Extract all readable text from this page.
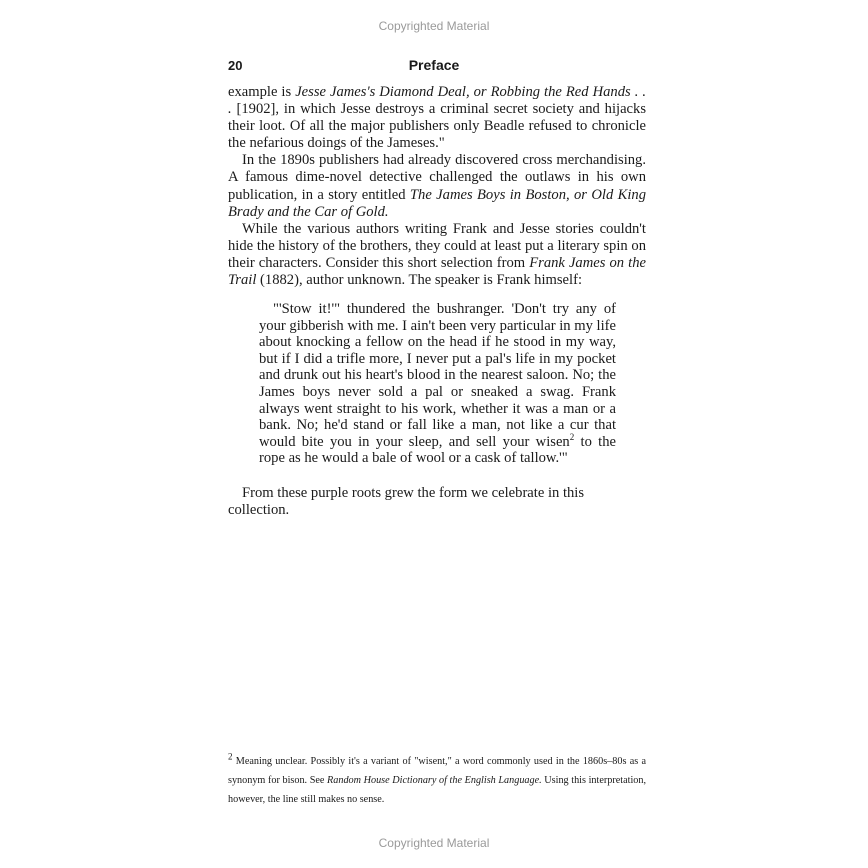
Copyrighted Material
20	Preface

example is Jesse James's Diamond Deal, or Robbing the Red Hands . . . [1902], in which Jesse destroys a criminal secret society and hijacks their loot. Of all the major publishers only Beadle refused to chronicle the nefarious doings of the Jameses."

In the 1890s publishers had already discovered cross merchandising. A famous dime-novel detective challenged the outlaws in his own publication, in a story entitled The James Boys in Boston, or Old King Brady and the Car of Gold.

While the various authors writing Frank and Jesse stories couldn't hide the history of the brothers, they could at least put a literary spin on their characters. Consider this short selection from Frank James on the Trail (1882), author unknown. The speaker is Frank himself:

"'Stow it!'" thundered the bushranger. 'Don't try any of your gibberish with me. I ain't been very particular in my life about knocking a fellow on the head if he stood in my way, but if I did a trifle more, I never put a pal's life in my pocket and drunk out his heart's blood in the nearest saloon. No; the James boys never sold a pal or sneaked a swag. Frank always went straight to his work, whether it was a man or a bank. No; he'd stand or fall like a man, not like a cur that would bite you in your sleep, and sell your wisen$^2$ to the rope as he would a bale of wool or a cask of tallow.'"

From these purple roots grew the form we celebrate in this collection.
$^2$ Meaning unclear. Possibly it's a variant of "wisent," a word commonly used in the 1860s–80s as a synonym for bison. See Random House Dictionary of the English Language. Using this interpretation, however, the line still makes no sense.
Copyrighted Material
